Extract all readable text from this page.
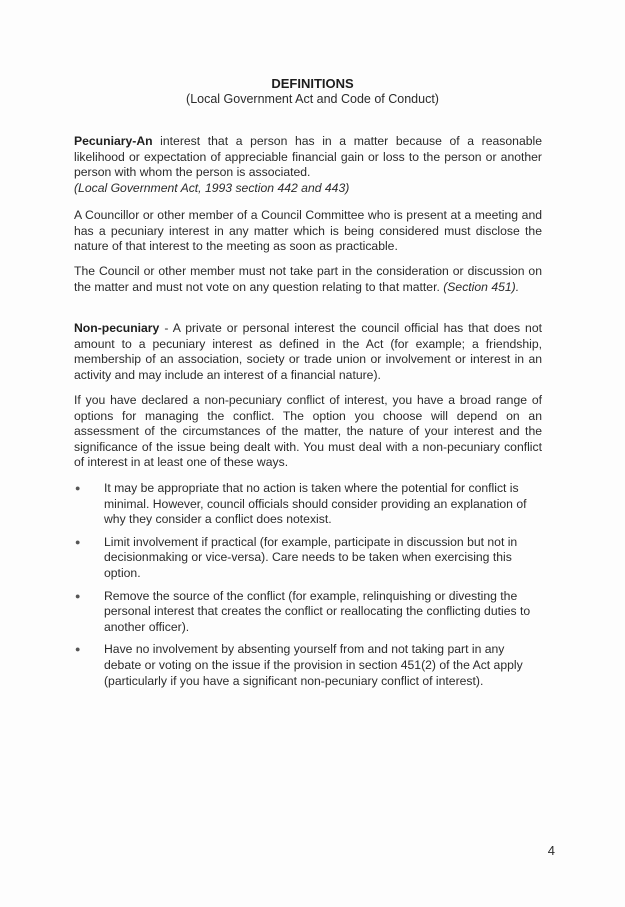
DEFINITIONS

(Local Government Act and Code of Conduct)

Pecuniary-An interest that a person has in a matter because of a reasonable likelihood or expectation of appreciable financial gain or loss to the person or another person with whom the person is associated.

(Local Government Act, 1993 section 442 and 443)

A Councillor or other member of a Council Committee who is present at a meeting and has a pecuniary interest in any matter which is being considered must disclose the nature of that interest to the meeting as soon as practicable.

The Council or other member must not take part in the consideration or discussion on the matter and must not vote on any question relating to that matter. (Section 451).

Non-pecuniary - A private or personal interest the council official has that does not amount to a pecuniary interest as defined in the Act (for example; a friendship, membership of an association, society or trade union or involvement or interest in an activity and may include an interest of a financial nature).

If you have declared a non-pecuniary conflict of interest, you have a broad range of options for managing the conflict. The option you choose will depend on an assessment of the circumstances of the matter, the nature of your interest and the significance of the issue being dealt with. You must deal with a non-pecuniary conflict of interest in at least one of these ways.

● It may be appropriate that no action is taken where the potential for conflict is minimal. However, council officials should consider providing an explanation of why they consider a conflict does notexist.
● Limit involvement if practical (for example, participate in discussion but not in decisionmaking or vice-versa). Care needs to be taken when exercising this option.
● Remove the source of the conflict (for example, relinquishing or divesting the personal interest that creates the conflict or reallocating the conflicting duties to another officer).
● Have no involvement by absenting yourself from and not taking part in any debate or voting on the issue if the provision in section 451(2) of the Act apply (particularly if you have a significant non-pecuniary conflict of interest).

4
